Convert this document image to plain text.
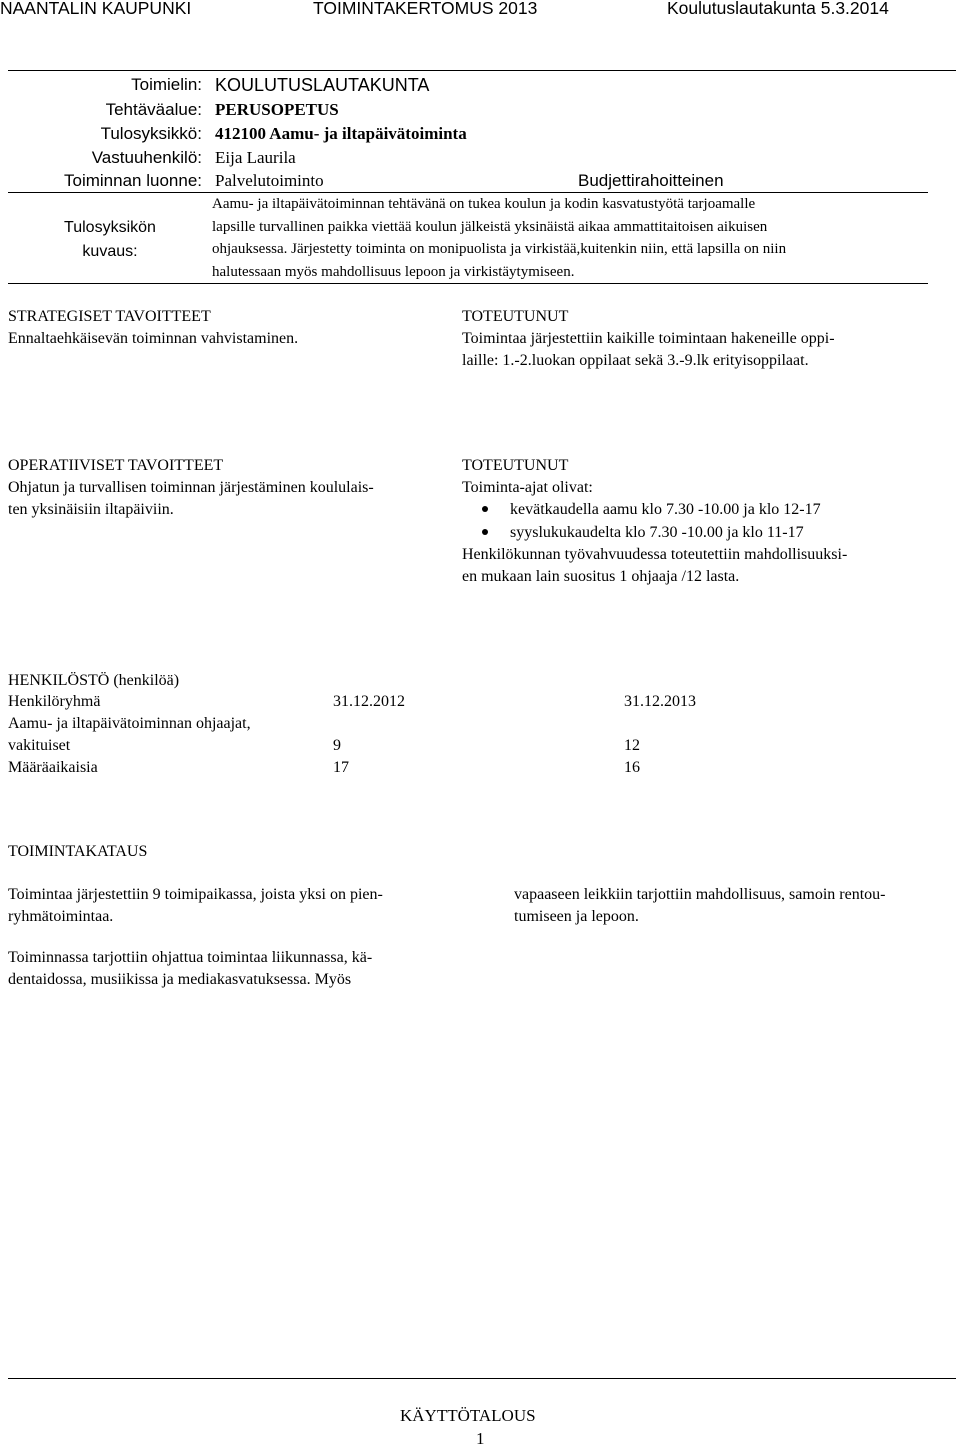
NAANTALIN KAUPUNKI	TOIMINTAKERTOMUS 2013	Koulutuslautakunta 5.3.2014
Toimielin: KOULUTUSLAUTAKUNTA
Tehtäväalue: PERUSOPETUS
Tulosyksikkö: 412100 Aamu- ja iltapäivätoiminta
Vastuuhenkilö: Eija Laurila
Toiminnan luonne: Palvelutoiminto	Budjettirahoitteinen
Tulosyksikön
kuvaus:
Aamu- ja iltapäivätoiminnan tehtävänä on tukea koulun ja kodin kasvatustyötä tarjoamalle
lapsille turvallinen paikka viettää koulun jälkeistä yksinäistä aikaa ammattitaitoisen aikuisen
ohjauksessa. Järjestetty toiminta on monipuolista ja virkistää,kuitenkin niin, että lapsilla on niin
halutessaan myös mahdollisuus lepoon ja virkistäytymiseen.
STRATEGISET TAVOITTEET
Ennaltaehkäisevän toiminnan vahvistaminen.
TOTEUTUNUT
Toimintaa järjestettiin kaikille toimintaan hakeneille oppi-
laille: 1.-2.luokan oppilaat sekä 3.-9.lk erityisoppilaat.
OPERATIIVISET TAVOITTEET
Ohjatun ja turvallisen toiminnan järjestäminen koululais-
ten yksinäisiin iltapäiviin.
TOTEUTUNUT
Toiminta-ajat olivat:
kevätkaudella aamu klo 7.30 -10.00 ja klo 12-17
syyslukukaudelta klo 7.30 -10.00 ja klo 11-17
Henkilökunnan työvahvuudessa toteutettiin mahdollisuuksi-
en mukaan lain suositus 1 ohjaaja /12 lasta.
HENKILÖSTÖ (henkilöä)
Henkilöryhmä	31.12.2012	31.12.2013
Aamu- ja iltapäivätoiminnan ohjaajat,
vakituiset	9	12
Määräaikaisia	17	16
TOIMINTAKATAUS
Toimintaa järjestettiin 9 toimipaikassa, joista yksi on pien-
ryhmätoimintaa.
Toiminnassa tarjottiin ohjattua toimintaa liikunnassa, kä-
dentaidossa, musiikissa ja mediakasvatuksessa. Myös
vapaaseen leikkiin tarjottiin mahdollisuus, samoin rentou-
tumiseen ja lepoon.
KÄYTTÖTALOUS
1
